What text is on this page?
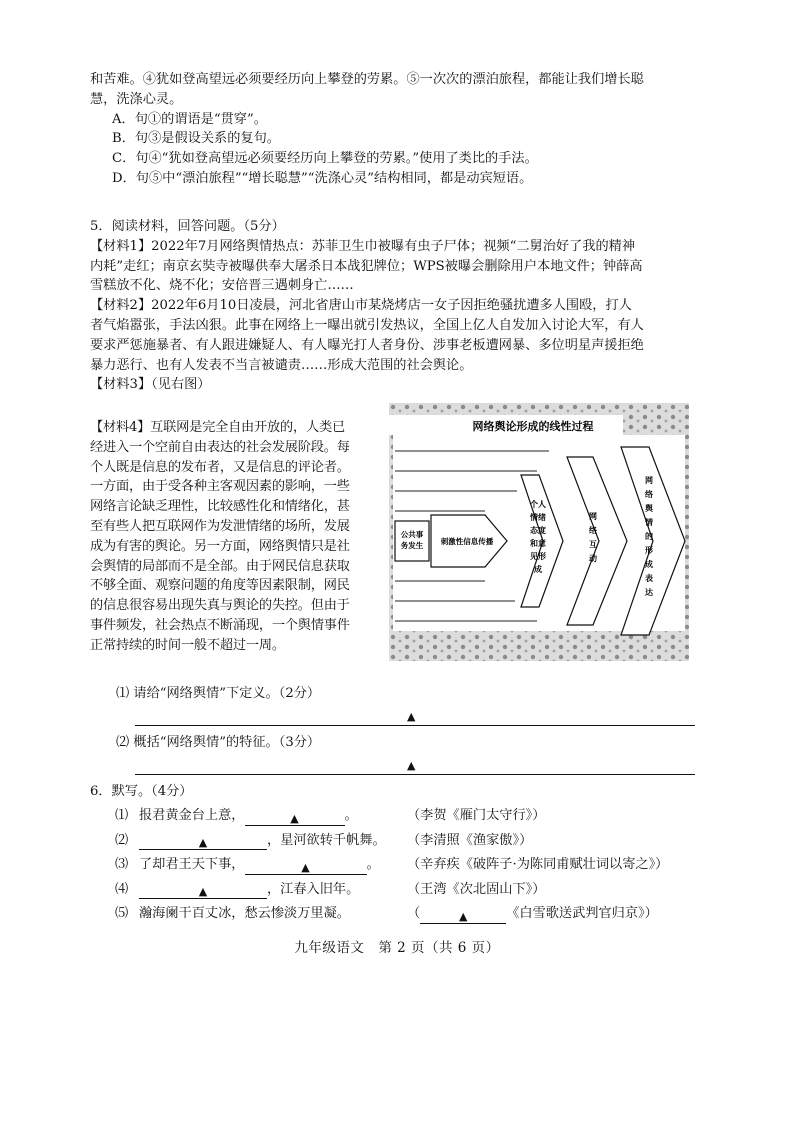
和苦难。④犹如登高望远必须要经历向上攀登的劳累。⑤一次次的漂泊旅程，都能让我们增长聪

慧，洗涤心灵。

A．句①的谓语是“贯穿”。

B．句③是假设关系的复句。

C．句④“犹如登高望远必须要经历向上攀登的劳累。”使用了类比的手法。

D．句⑤中“漂泊旅程”“增长聪慧”“洗涤心灵”结构相同，都是动宾短语。

5．阅读材料，回答问题。（5分）

【材料1】2022年7月网络舆情热点：苏菲卫生巾被曝有虫子尸体；视频“二舅治好了我的精神

内耗”走红；南京玄奘寺被曝供奉大屠杀日本战犯牌位；WPS被曝会删除用户本地文件；钟薛高

雪糕放不化、烧不化；安倍晋三遇刺身亡……

【材料2】2022年6月10日凌晨，河北省唐山市某烧烤店一女子因拒绝骚扰遭多人围殴，打人

者气焰嚣张，手法凶狠。此事在网络上一曝出就引发热议，全国上亿人自发加入讨论大军，有人

要求严惩施暴者、有人跟进嫌疑人、有人曝光打人者身份、涉事老板遭网暴、多位明星声援拒绝

暴力恶行、也有人发表不当言被谴责……形成大范围的社会舆论。

【材料3】（见右图）

【材料4】互联网是完全自由开放的，人类已

经进入一个空前自由表达的社会发展阶段。每

个人既是信息的发布者，又是信息的评论者。

一方面，由于受各种主客观因素的影响，一些

网络言论缺乏理性，比较感性化和情绪化，甚

至有些人把互联网作为发泄情绪的场所，发展

成为有害的舆论。另一方面，网络舆情只是社

会舆情的局部而不是全部。由于网民信息获取

不够全面、观察问题的角度等因素限制，网民

的信息很容易出现失真与舆论的失控。但由于

事件频发，社会热点不断涌现，一个舆情事件

正常持续的时间一般不超过一周。

网络舆论形成的线性过程
公共事务发生 刺激性信息传播
个人
情绪
态度
和意
见形
成
网
络
互
动
网
络
舆
情
的
形
成
表
达

⑴ 请给“网络舆情”下定义。（2分）

▲

⑵ 概括“网络舆情”的特征。（3分）

▲

6．默写。（4分）

⑴ 报君黄金台上意，	▲	。	（李贺《雁门太守行》）
⑵	▲	，星河欲转千帆舞。 （李清照《渔家傲》）
⑶ 了却君王天下事，	▲	。 （辛弃疾《破阵子·为陈同甫赋壮词以寄之》）
⑷	▲	，江春入旧年。	（王湾《次北固山下》）
⑸ 瀚海阑干百丈冰，愁云惨淡万里凝。	（	▲	《白雪歌送武判官归京》）
九年级语文　第 2 页（共 6 页）
